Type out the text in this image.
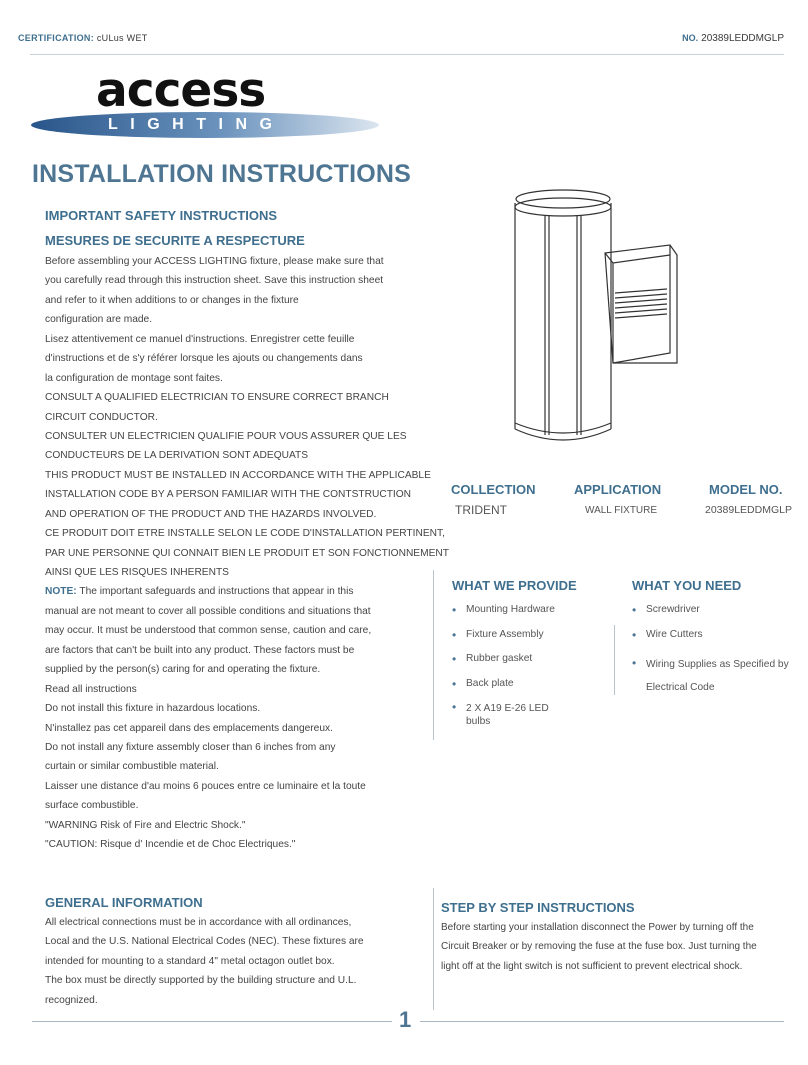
CERTIFICATION: cULus WET	NO. 20389LEDDMGLP
access
LIGHTING
INSTALLATION INSTRUCTIONS
IMPORTANT SAFETY INSTRUCTIONS
MESURES DE SECURITE A RESPECTURE
Before assembling your ACCESS LIGHTING fixture, please make sure that
you carefully read through this instruction sheet. Save this instruction sheet
and refer to it when additions to or changes in the fixture
configuration are made.
Lisez attentivement ce manuel d'instructions. Enregistrer cette feuille
d'instructions et de s'y référer lorsque les ajouts ou changements dans
la configuration de montage sont faites.
CONSULT A QUALIFIED ELECTRICIAN TO ENSURE CORRECT BRANCH
CIRCUIT CONDUCTOR.
CONSULTER UN ELECTRICIEN QUALIFIE POUR VOUS ASSURER QUE LES
CONDUCTEURS DE LA DERIVATION SONT ADEQUATS
THIS PRODUCT MUST BE INSTALLED IN ACCORDANCE WITH THE APPLICABLE
INSTALLATION CODE BY A PERSON FAMILIAR WITH THE CONTSTRUCTION
AND OPERATION OF THE PRODUCT AND THE HAZARDS INVOLVED.
CE PRODUIT DOIT ETRE INSTALLE SELON LE CODE D'INSTALLATION PERTINENT,
PAR UNE PERSONNE QUI CONNAIT BIEN LE PRODUIT ET SON FONCTIONNEMENT
AINSI QUE LES RISQUES INHERENTS
NOTE: The important safeguards and instructions that appear in this
manual are not meant to cover all possible conditions and situations that
may occur. It must be understood that common sense, caution and care,
are factors that can't be built into any product. These factors must be
supplied by the person(s) caring for and operating the fixture.
Read all instructions
Do not install this fixture in hazardous locations.
N'installez pas cet appareil dans des emplacements dangereux.
Do not install any fixture assembly closer than 6 inches from any
curtain or similar combustible material.
Laisser une distance d'au moins 6 pouces entre ce luminaire et la toute
surface combustible.
"WARNING Risk of Fire and Electric Shock."
"CAUTION: Risque d' Incendie et de Choc Electriques."
COLLECTION
TRIDENT
APPLICATION
WALL FIXTURE
MODEL NO.
20389LEDDMGLP
WHAT WE PROVIDE
• Mounting Hardware
• Fixture Assembly
• Rubber gasket
• Back plate
• 2 X A19 E-26 LED bulbs
WHAT YOU NEED
• Screwdriver
• Wire Cutters
• Wiring Supplies as Specified by Electrical Code
GENERAL INFORMATION
All electrical connections must be in accordance with all ordinances,
Local and the U.S. National Electrical Codes (NEC). These fixtures are
intended for mounting to a standard 4" metal octagon outlet box.
The box must be directly supported by the building structure and U.L.
recognized.
STEP BY STEP INSTRUCTIONS
Before starting your installation disconnect the Power by turning off the
Circuit Breaker or by removing the fuse at the fuse box. Just turning the
light off at the light switch is not sufficient to prevent electrical shock.
1
